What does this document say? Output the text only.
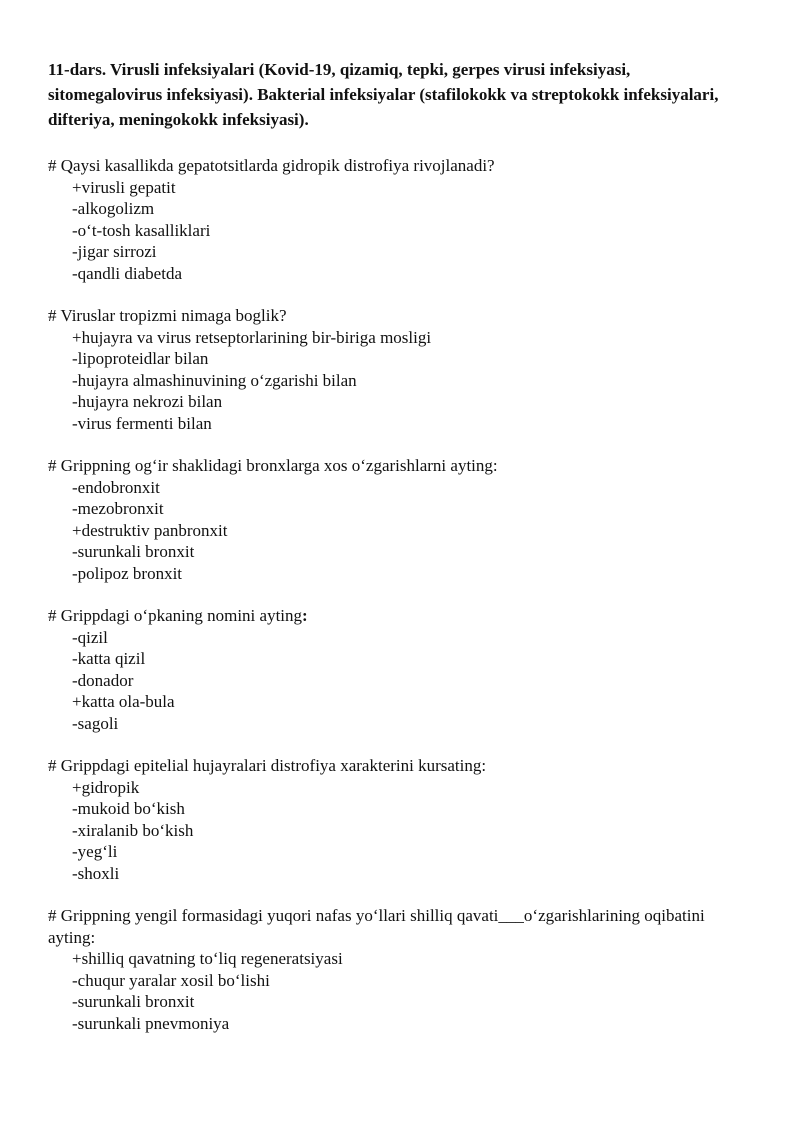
11-dars. Virusli infeksiyalari (Kovid-19, qizamiq, tepki, gerpes virusi infeksiyasi, sitomegalovirus infeksiyasi). Bakterial infeksiyalar (stafilokokk va streptokokk infeksiyalari, difteriya, meningokokk infeksiyasi).
# Qaysi kasallikda gepatotsitlarda gidropik distrofiya rivojlanadi?
+virusli gepatit
-alkogolizm
-o‘t-tosh kasalliklari
-jigar sirrozi
-qandli diabetda
# Viruslar tropizmi nimaga boglik?
+hujayra va virus retseptorlarining bir-biriga mosligi
-lipoproteidlar bilan
-hujayra almashinuvining o‘zgarishi bilan
-hujayra nekrozi bilan
-virus fermenti bilan
# Grippning og‘ir shaklidagi bronxlarga xos o‘zgarishlarni ayting:
-endobronxit
-mezobronxit
+destruktiv panbronxit
-surunkali bronxit
-polipoz bronxit
# Grippdagi o‘pkaning nomini ayting:
-qizil
-katta qizil
-donador
+katta ola-bula
-sagoli
# Grippdagi epitelial hujayralari distrofiya xarakterini kursating:
+gidropik
-mukoid bo‘kish
-xiralanib bo‘kish
-yeg‘li
-shoxli
# Grippning yengil formasidagi yuqori nafas yo‘llari shilliq qavati___o‘zgarishlarining oqibatini ayting:
+shilliq qavatning to‘liq regeneratsiyasi
-chuqur yaralar xosil bo‘lishi
-surunkali bronxit
-surunkali pnevmoniya
